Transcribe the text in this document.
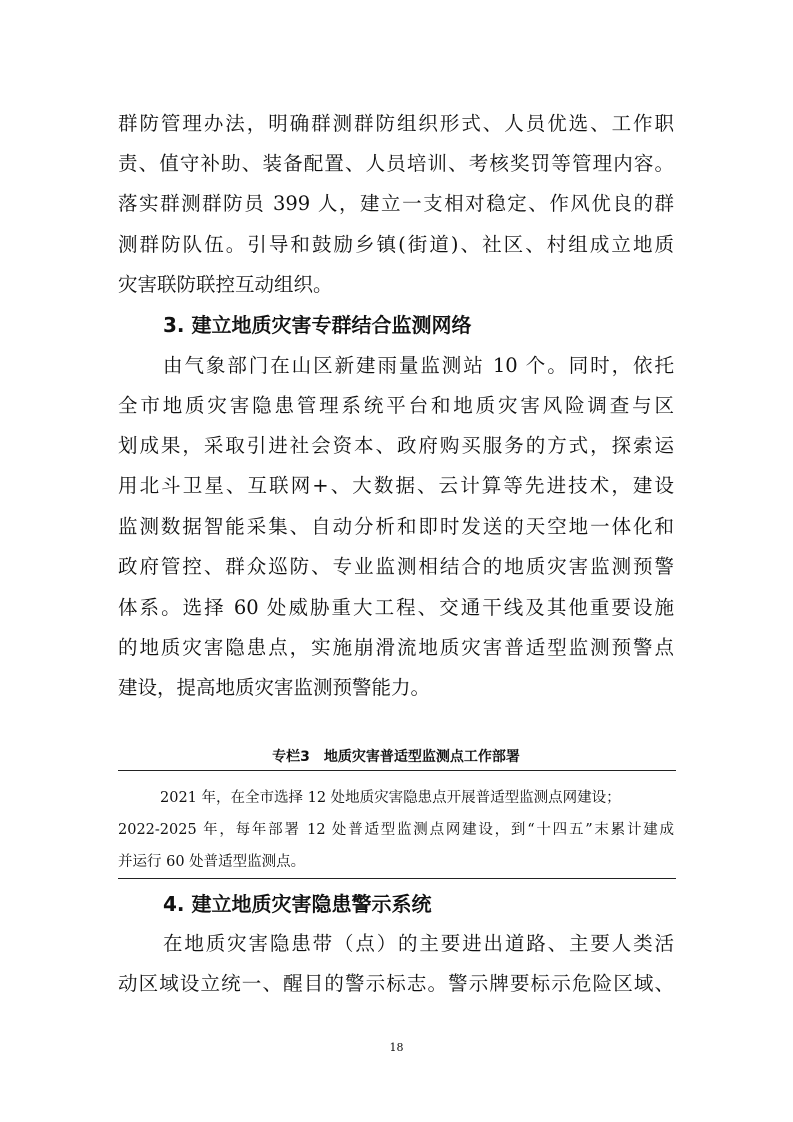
群防管理办法，明确群测群防组织形式、人员优选、工作职
责、值守补助、装备配置、人员培训、考核奖罚等管理内容。
落实群测群防员 399 人，建立一支相对稳定、作风优良的群
测群防队伍。引导和鼓励乡镇(街道)、社区、村组成立地质
灾害联防联控互动组织。
3. 建立地质灾害专群结合监测网络
由气象部门在山区新建雨量监测站 10 个。同时，依托
全市地质灾害隐患管理系统平台和地质灾害风险调查与区
划成果，采取引进社会资本、政府购买服务的方式，探索运
用北斗卫星、互联网+、大数据、云计算等先进技术，建设
监测数据智能采集、自动分析和即时发送的天空地一体化和
政府管控、群众巡防、专业监测相结合的地质灾害监测预警
体系。选择 60 处威胁重大工程、交通干线及其他重要设施
的地质灾害隐患点，实施崩滑流地质灾害普适型监测预警点
建设，提高地质灾害监测预警能力。
专栏3　地质灾害普适型监测点工作部署
2021 年，在全市选择 12 处地质灾害隐患点开展普适型监测点网建设；
2022-2025 年，每年部署 12 处普适型监测点网建设，到“十四五”末累计建成
并运行 60 处普适型监测点。
4. 建立地质灾害隐患警示系统
在地质灾害隐患带（点）的主要进出道路、主要人类活
动区域设立统一、醒目的警示标志。警示牌要标示危险区域、
18
